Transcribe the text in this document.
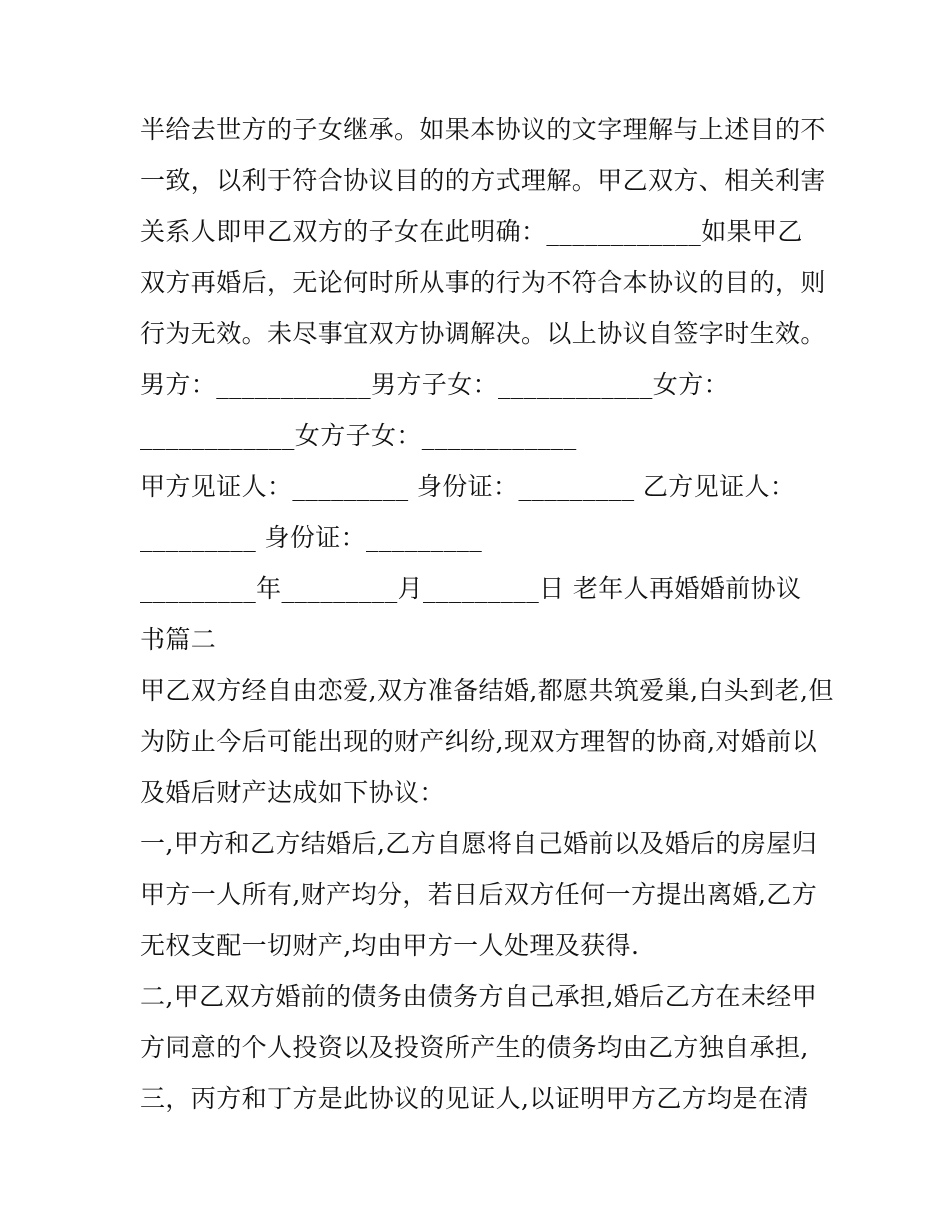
半给去世方的子女继承。如果本协议的文字理解与上述目的不
一致，以利于符合协议目的的方式理解。甲乙双方、相关利害
关系人即甲乙双方的子女在此明确：____________如果甲乙
双方再婚后，无论何时所从事的行为不符合本协议的目的，则
行为无效。未尽事宜双方协调解决。以上协议自签字时生效。
男方：____________男方子女：____________女方：
____________女方子女：____________
甲方见证人：_________ 身份证：_________ 乙方见证人：
_________ 身份证：_________
_________年_________月_________日 老年人再婚婚前协议
书篇二
甲乙双方经自由恋爱,双方准备结婚,都愿共筑爱巢,白头到老,但
为防止今后可能出现的财产纠纷,现双方理智的协商,对婚前以
及婚后财产达成如下协议：
一,甲方和乙方结婚后,乙方自愿将自己婚前以及婚后的房屋归
甲方一人所有,财产均分，若日后双方任何一方提出离婚,乙方
无权支配一切财产,均由甲方一人处理及获得.
二,甲乙双方婚前的债务由债务方自己承担,婚后乙方在未经甲
方同意的个人投资以及投资所产生的债务均由乙方独自承担,
三，丙方和丁方是此协议的见证人,以证明甲方乙方均是在清
